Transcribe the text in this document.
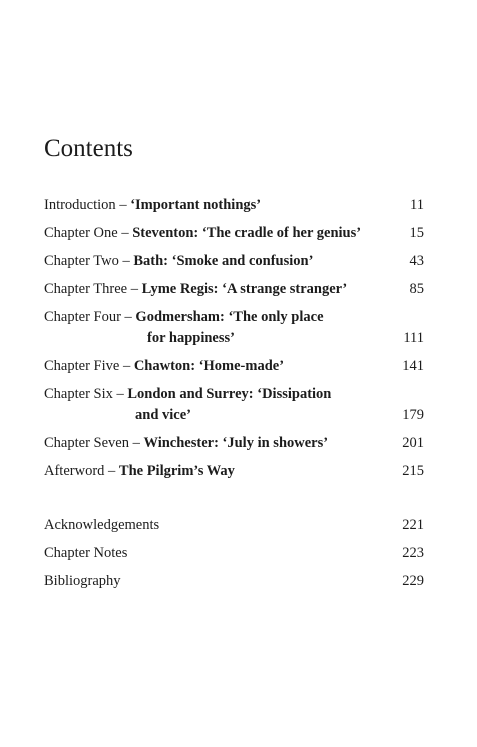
Contents
Introduction – ‘Important nothings’	11
Chapter One – Steventon: ‘The cradle of her genius’	15
Chapter Two – Bath: ‘Smoke and confusion’	43
Chapter Three – Lyme Regis: ‘A strange stranger’	85
Chapter Four – Godmersham: ‘The only place
for happiness’	111
Chapter Five – Chawton: ‘Home-made’	141
Chapter Six – London and Surrey: ‘Dissipation
and vice’	179
Chapter Seven – Winchester: ‘July in showers’	201
Afterword – The Pilgrim’s Way	215
Acknowledgements	221
Chapter Notes	223
Bibliography	229
